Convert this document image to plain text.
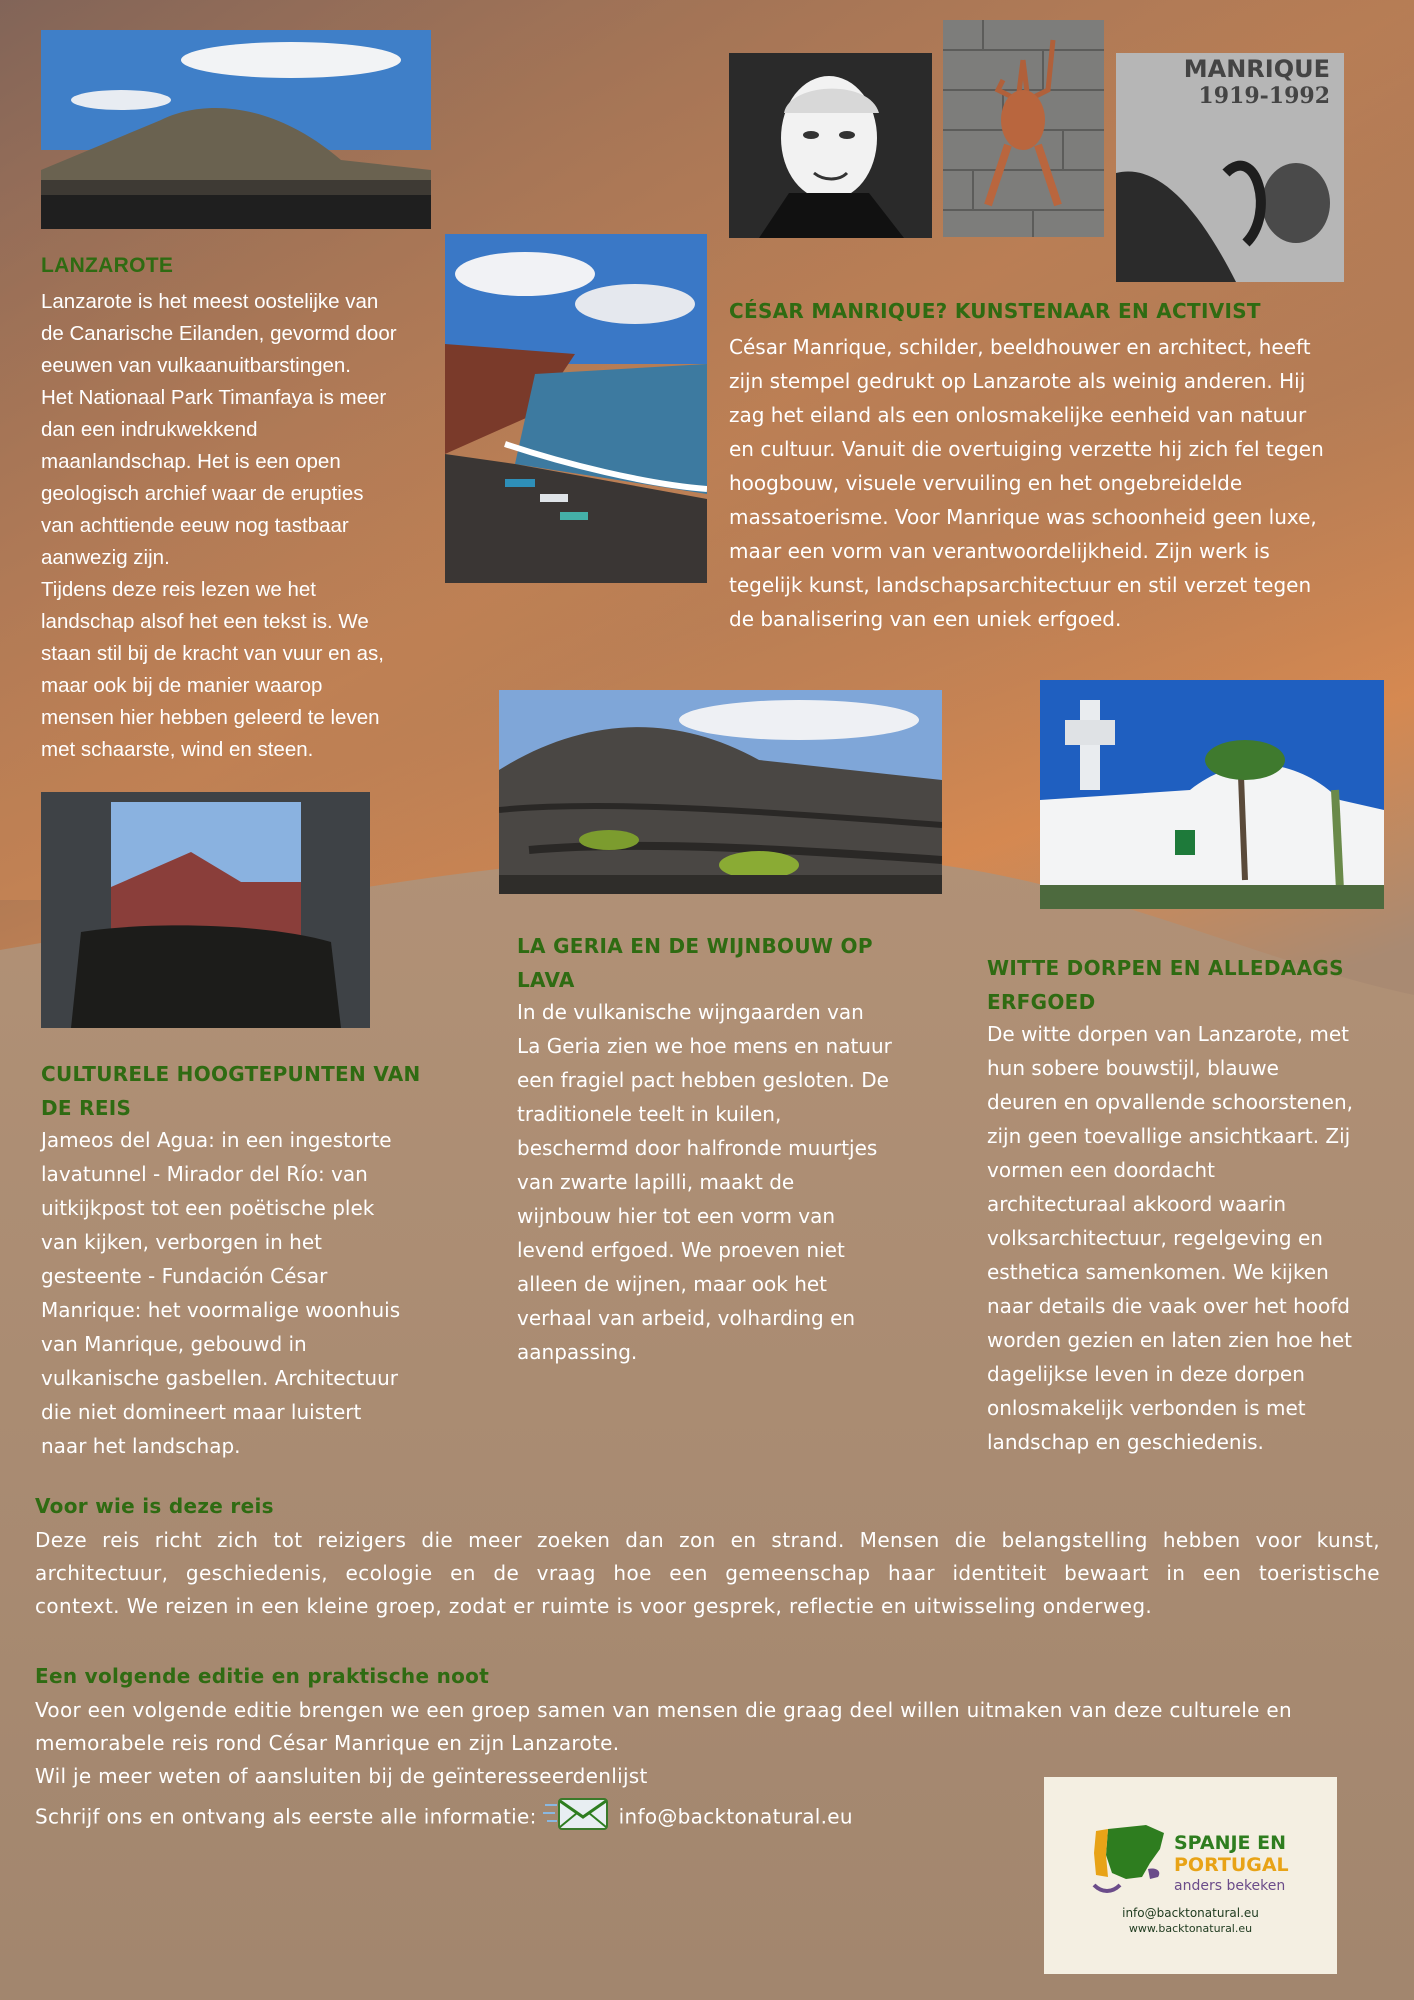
MANRIQUE
1919-1992
LANZAROTE
Lanzarote is het meest oostelijke van
de Canarische Eilanden, gevormd door
eeuwen van vulkaanuitbarstingen.
Het Nationaal Park Timanfaya is meer
dan een indrukwekkend
maanlandschap. Het is een open
geologisch archief waar de erupties
van achttiende eeuw nog tastbaar
aanwezig zijn.
Tijdens deze reis lezen we het
landschap alsof het een tekst is. We
staan stil bij de kracht van vuur en as,
maar ook bij de manier waarop
mensen hier hebben geleerd te leven
met schaarste, wind en steen.
CÉSAR MANRIQUE? KUNSTENAAR EN ACTIVIST
César Manrique, schilder, beeldhouwer en architect, heeft
zijn stempel gedrukt op Lanzarote als weinig anderen. Hij
zag het eiland als een onlosmakelijke eenheid van natuur
en cultuur. Vanuit die overtuiging verzette hij zich fel tegen
hoogbouw, visuele vervuiling en het ongebreidelde
massatoerisme. Voor Manrique was schoonheid geen luxe,
maar een vorm van verantwoordelijkheid. Zijn werk is
tegelijk kunst, landschapsarchitectuur en stil verzet tegen
de banalisering van een uniek erfgoed.
CULTURELE HOOGTEPUNTEN VAN
DE REIS
Jameos del Agua: in een ingestorte
lavatunnel - Mirador del Río: van
uitkijkpost tot een poëtische plek
van kijken, verborgen in het
gesteente - Fundación César
Manrique: het voormalige woonhuis
van Manrique, gebouwd in
vulkanische gasbellen. Architectuur
die niet domineert maar luistert
naar het landschap.
LA GERIA EN DE WIJNBOUW OP
LAVA
In de vulkanische wijngaarden van
La Geria zien we hoe mens en natuur
een fragiel pact hebben gesloten. De
traditionele teelt in kuilen,
beschermd door halfronde muurtjes
van zwarte lapilli, maakt de
wijnbouw hier tot een vorm van
levend erfgoed. We proeven niet
alleen de wijnen, maar ook het
verhaal van arbeid, volharding en
aanpassing.
WITTE DORPEN EN ALLEDAAGS
ERFGOED
De witte dorpen van Lanzarote, met
hun sobere bouwstijl, blauwe
deuren en opvallende schoorstenen,
zijn geen toevallige ansichtkaart. Zij
vormen een doordacht
architecturaal akkoord waarin
volksarchitectuur, regelgeving en
esthetica samenkomen. We kijken
naar details die vaak over het hoofd
worden gezien en laten zien hoe het
dagelijkse leven in deze dorpen
onlosmakelijk verbonden is met
landschap en geschiedenis.
Voor wie is deze reis
Deze reis richt zich tot reizigers die meer zoeken dan zon en strand. Mensen die belangstelling hebben voor kunst,
architectuur, geschiedenis, ecologie en de vraag hoe een gemeenschap haar identiteit bewaart in een toeristische
context. We reizen in een kleine groep, zodat er ruimte is voor gesprek, reflectie en uitwisseling onderweg.
Een volgende editie en praktische noot
Voor een volgende editie brengen we een groep samen van mensen die graag deel willen uitmaken van deze culturele en
memorabele reis rond César Manrique en zijn Lanzarote.
Wil je meer weten of aansluiten bij de geïnteresseerdenlijst
Schrijf ons en ontvang als eerste alle informatie:	info@backtonatural.eu
SPANJE EN
PORTUGAL
anders bekeken
info@backtonatural.eu
www.backtonatural.eu
